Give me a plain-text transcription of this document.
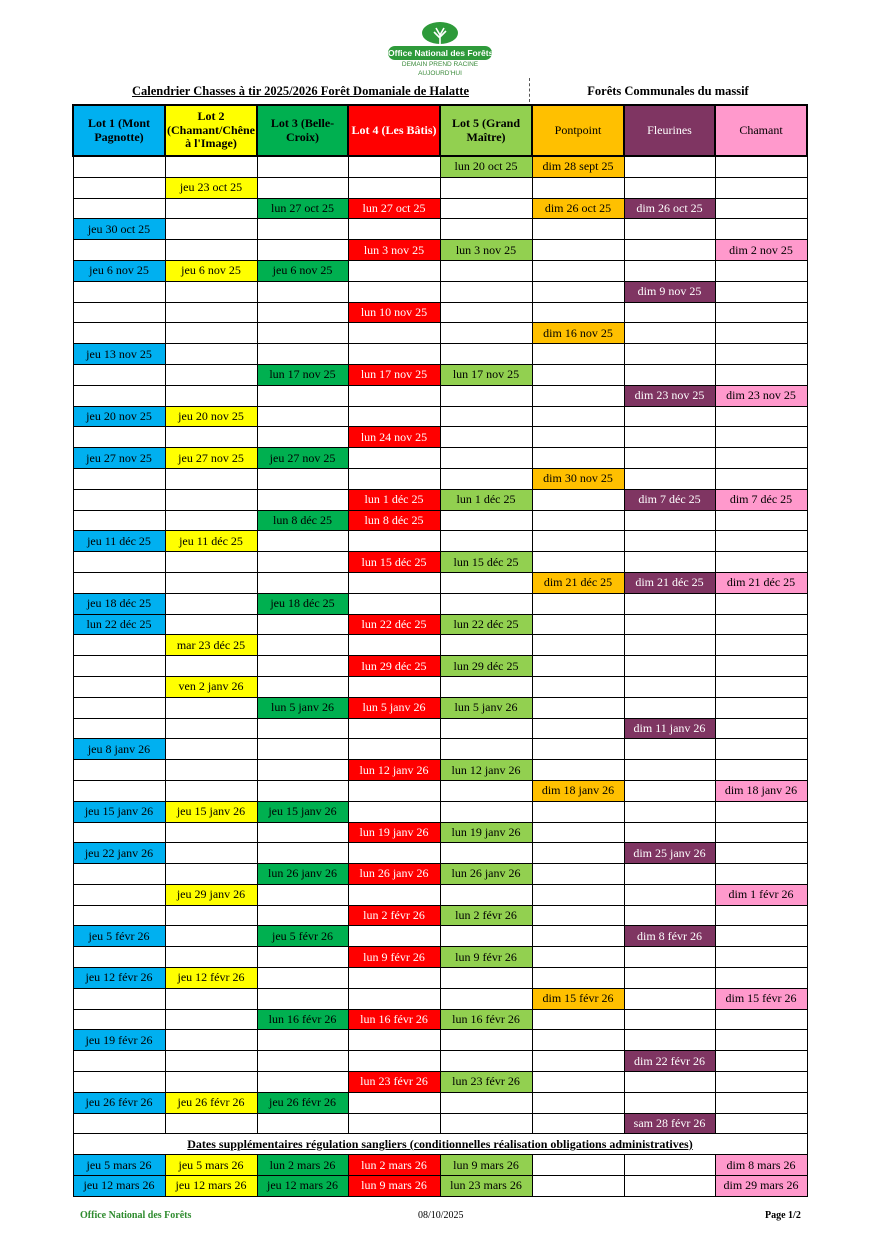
Office National des Forêts
DEMAIN PREND RACINE
AUJOURD'HUI
Calendrier Chasses à tir 2025/2026 Forêt Domaniale de Halatte	Forêts Communales du massif
Lot 1 (Mont Pagnotte)	Lot 2 (Chamant/Chêne à l'Image)	Lot 3 (Belle-Croix)	Lot 4 (Les Bâtis)	Lot 5 (Grand Maître)	Pontpoint	Fleurines	Chamant
				lun 20 oct 25	dim 28 sept 25		
	jeu 23 oct 25						
		lun 27 oct 25	lun 27 oct 25		dim 26 oct 25	dim 26 oct 25	
jeu 30 oct 25							
			lun 3 nov 25	lun 3 nov 25			dim 2 nov 25
jeu 6 nov 25	jeu 6 nov 25	jeu 6 nov 25					
						dim 9 nov 25	
			lun 10 nov 25				
					dim 16 nov 25		
jeu 13 nov 25							
		lun 17 nov 25	lun 17 nov 25	lun 17 nov 25			
						dim 23 nov 25	dim 23 nov 25
jeu 20 nov 25	jeu 20 nov 25						
			lun 24 nov 25				
jeu 27 nov 25	jeu 27 nov 25	jeu 27 nov 25					
					dim 30 nov 25		
			lun 1 déc 25	lun 1 déc 25		dim 7 déc 25	dim 7 déc 25
		lun 8 déc 25	lun 8 déc 25				
jeu 11 déc 25	jeu 11 déc 25						
			lun 15 déc 25	lun 15 déc 25			
					dim 21 déc 25	dim 21 déc 25	dim 21 déc 25
jeu 18 déc 25		jeu 18 déc 25					
lun 22 déc 25			lun 22 déc 25	lun 22 déc 25			
	mar 23 déc 25						
			lun 29 déc 25	lun 29 déc 25			
	ven 2 janv 26						
		lun 5 janv 26	lun 5 janv 26	lun 5 janv 26			
						dim 11 janv 26	
jeu 8 janv 26							
			lun 12 janv 26	lun 12 janv 26			
					dim 18 janv 26		dim 18 janv 26
jeu 15 janv 26	jeu 15 janv 26	jeu 15 janv 26					
			lun 19 janv 26	lun 19 janv 26			
jeu 22 janv 26						dim 25 janv 26	
		lun 26 janv 26	lun 26 janv 26	lun 26 janv 26			
	jeu 29 janv 26						dim 1 févr 26
			lun 2 févr 26	lun 2 févr 26			
jeu 5 févr 26		jeu 5 févr 26				dim 8 févr 26	
			lun 9 févr 26	lun 9 févr 26			
jeu 12 févr 26	jeu 12 févr 26						
					dim 15 févr 26		dim 15 févr 26
		lun 16 févr 26	lun 16 févr 26	lun 16 févr 26			
jeu 19 févr 26							
						dim 22 févr 26	
			lun 23 févr 26	lun 23 févr 26			
jeu 26 févr 26	jeu 26 févr 26	jeu 26 févr 26					
						sam 28 févr 26	
Dates supplémentaires régulation sangliers (conditionnelles réalisation obligations administratives)							
jeu 5 mars 26	jeu 5 mars 26	lun 2 mars 26	lun 2 mars 26	lun 9 mars 26			dim 8 mars 26
jeu 12 mars 26	jeu 12 mars 26	jeu 12 mars 26	lun 9 mars 26	lun 23 mars 26			dim 29 mars 26
Office National des Forêts	08/10/2025	Page 1/2
